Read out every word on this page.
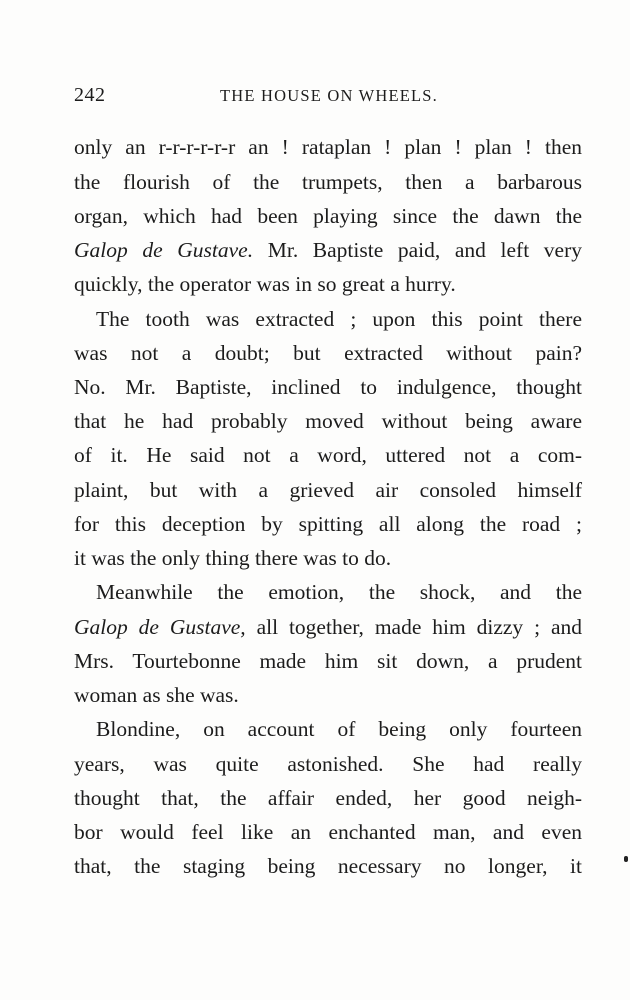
242	THE HOUSE ON WHEELS.
only an r-r-r-r-r-r an ! rataplan ! plan ! plan ! then
the flourish of the trumpets, then a barbarous
organ, which had been playing since the dawn the
Galop de Gustave. Mr. Baptiste paid, and left very
quickly, the operator was in so great a hurry.
The tooth was extracted ; upon this point there
was not a doubt; but extracted without pain?
No. Mr. Baptiste, inclined to indulgence, thought
that he had probably moved without being aware
of it. He said not a word, uttered not a com-
plaint, but with a grieved air consoled himself
for this deception by spitting all along the road ;
it was the only thing there was to do.
Meanwhile the emotion, the shock, and the
Galop de Gustave, all together, made him dizzy ; and
Mrs. Tourtebonne made him sit down, a prudent
woman as she was.
Blondine, on account of being only fourteen
years, was quite astonished. She had really
thought that, the affair ended, her good neigh-
bor would feel like an enchanted man, and even
that, the staging being necessary no longer, it
